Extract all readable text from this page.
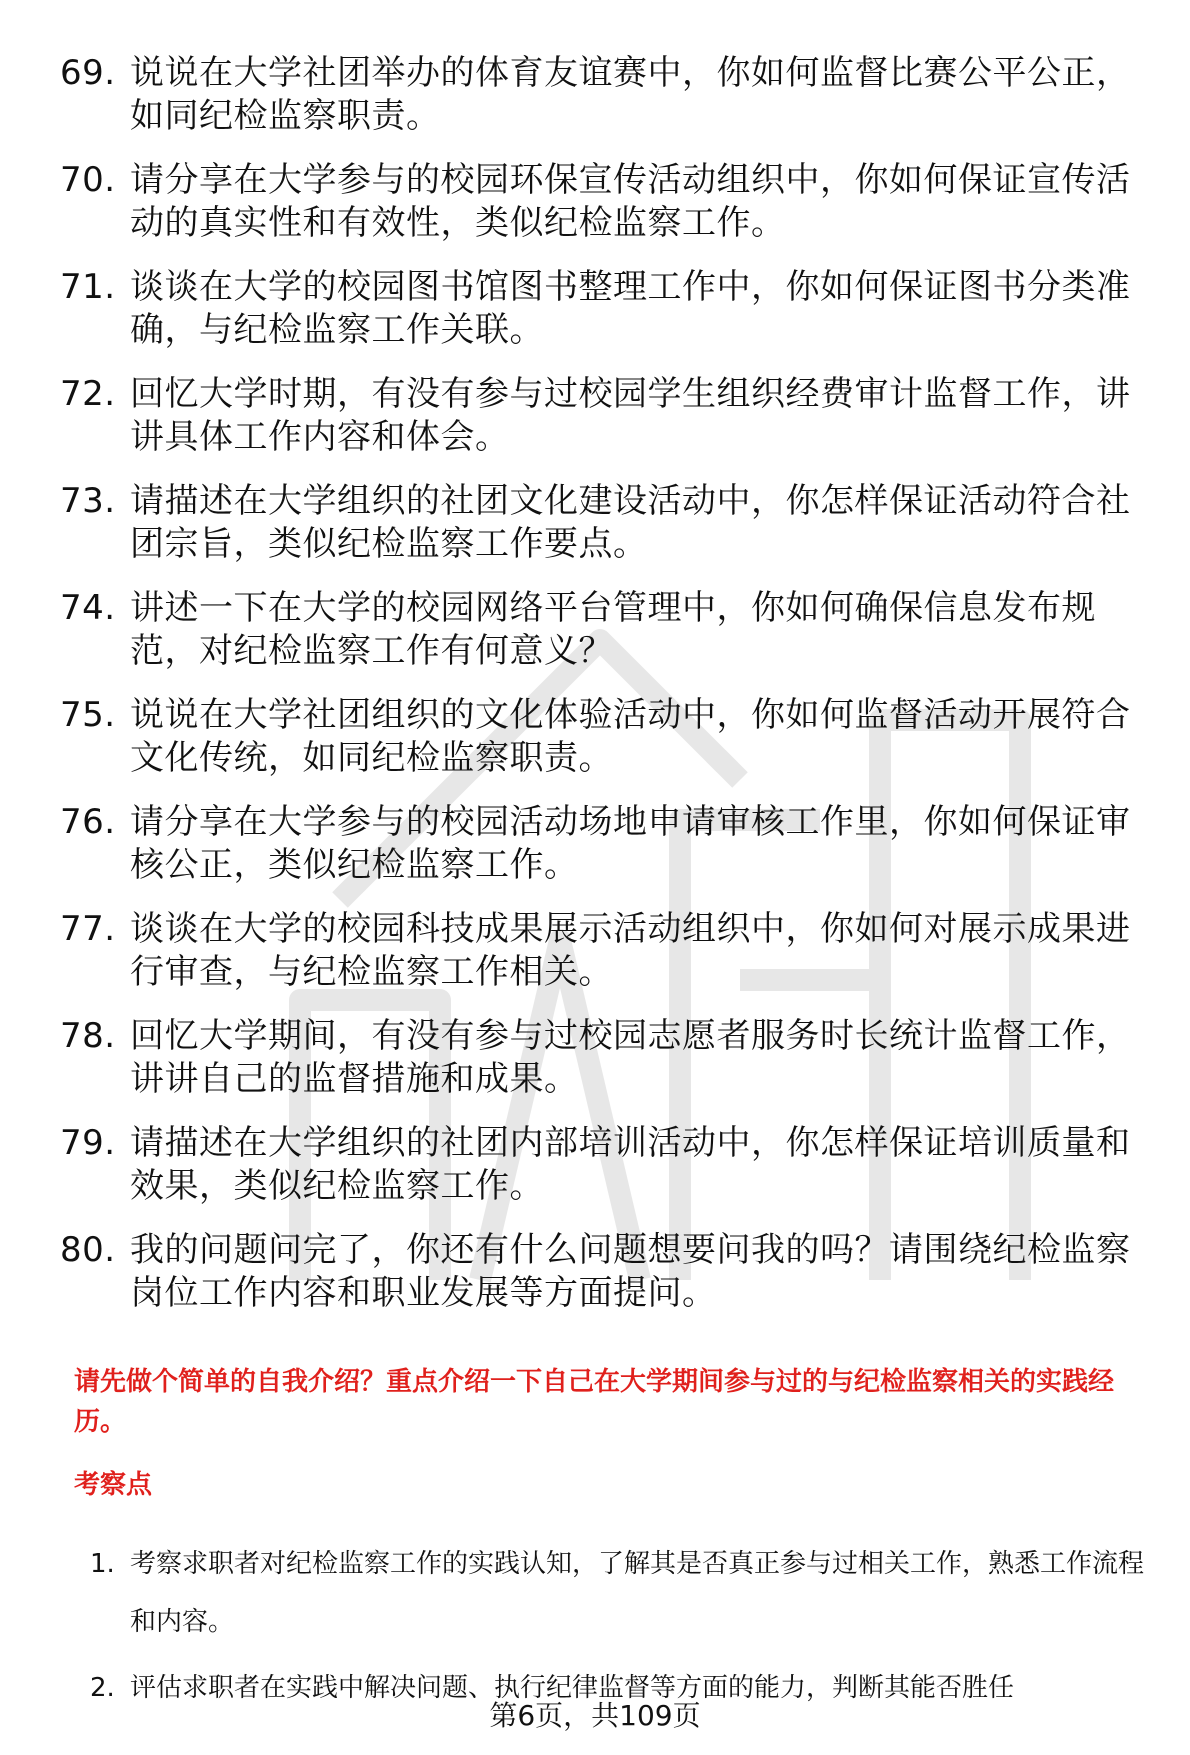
69. 说说在大学社团举办的体育友谊赛中，你如何监督比赛公平公正，如同纪检监察职责。
70. 请分享在大学参与的校园环保宣传活动组织中，你如何保证宣传活动的真实性和有效性，类似纪检监察工作。
71. 谈谈在大学的校园图书馆图书整理工作中，你如何保证图书分类准确，与纪检监察工作关联。
72. 回忆大学时期，有没有参与过校园学生组织经费审计监督工作，讲讲具体工作内容和体会。
73. 请描述在大学组织的社团文化建设活动中，你怎样保证活动符合社团宗旨，类似纪检监察工作要点。
74. 讲述一下在大学的校园网络平台管理中，你如何确保信息发布规范，对纪检监察工作有何意义？
75. 说说在大学社团组织的文化体验活动中，你如何监督活动开展符合文化传统，如同纪检监察职责。
76. 请分享在大学参与的校园活动场地申请审核工作里，你如何保证审核公正，类似纪检监察工作。
77. 谈谈在大学的校园科技成果展示活动组织中，你如何对展示成果进行审查，与纪检监察工作相关。
78. 回忆大学期间，有没有参与过校园志愿者服务时长统计监督工作，讲讲自己的监督措施和成果。
79. 请描述在大学组织的社团内部培训活动中，你怎样保证培训质量和效果，类似纪检监察工作。
80. 我的问题问完了，你还有什么问题想要问我的吗？请围绕纪检监察岗位工作内容和职业发展等方面提问。

请先做个简单的自我介绍？重点介绍一下自己在大学期间参与过的与纪检监察相关的实践经历。

考察点

1. 考察求职者对纪检监察工作的实践认知，了解其是否真正参与过相关工作，熟悉工作流程和内容。
2. 评估求职者在实践中解决问题、执行纪律监督等方面的能力，判断其能否胜任
第6页，共109页
